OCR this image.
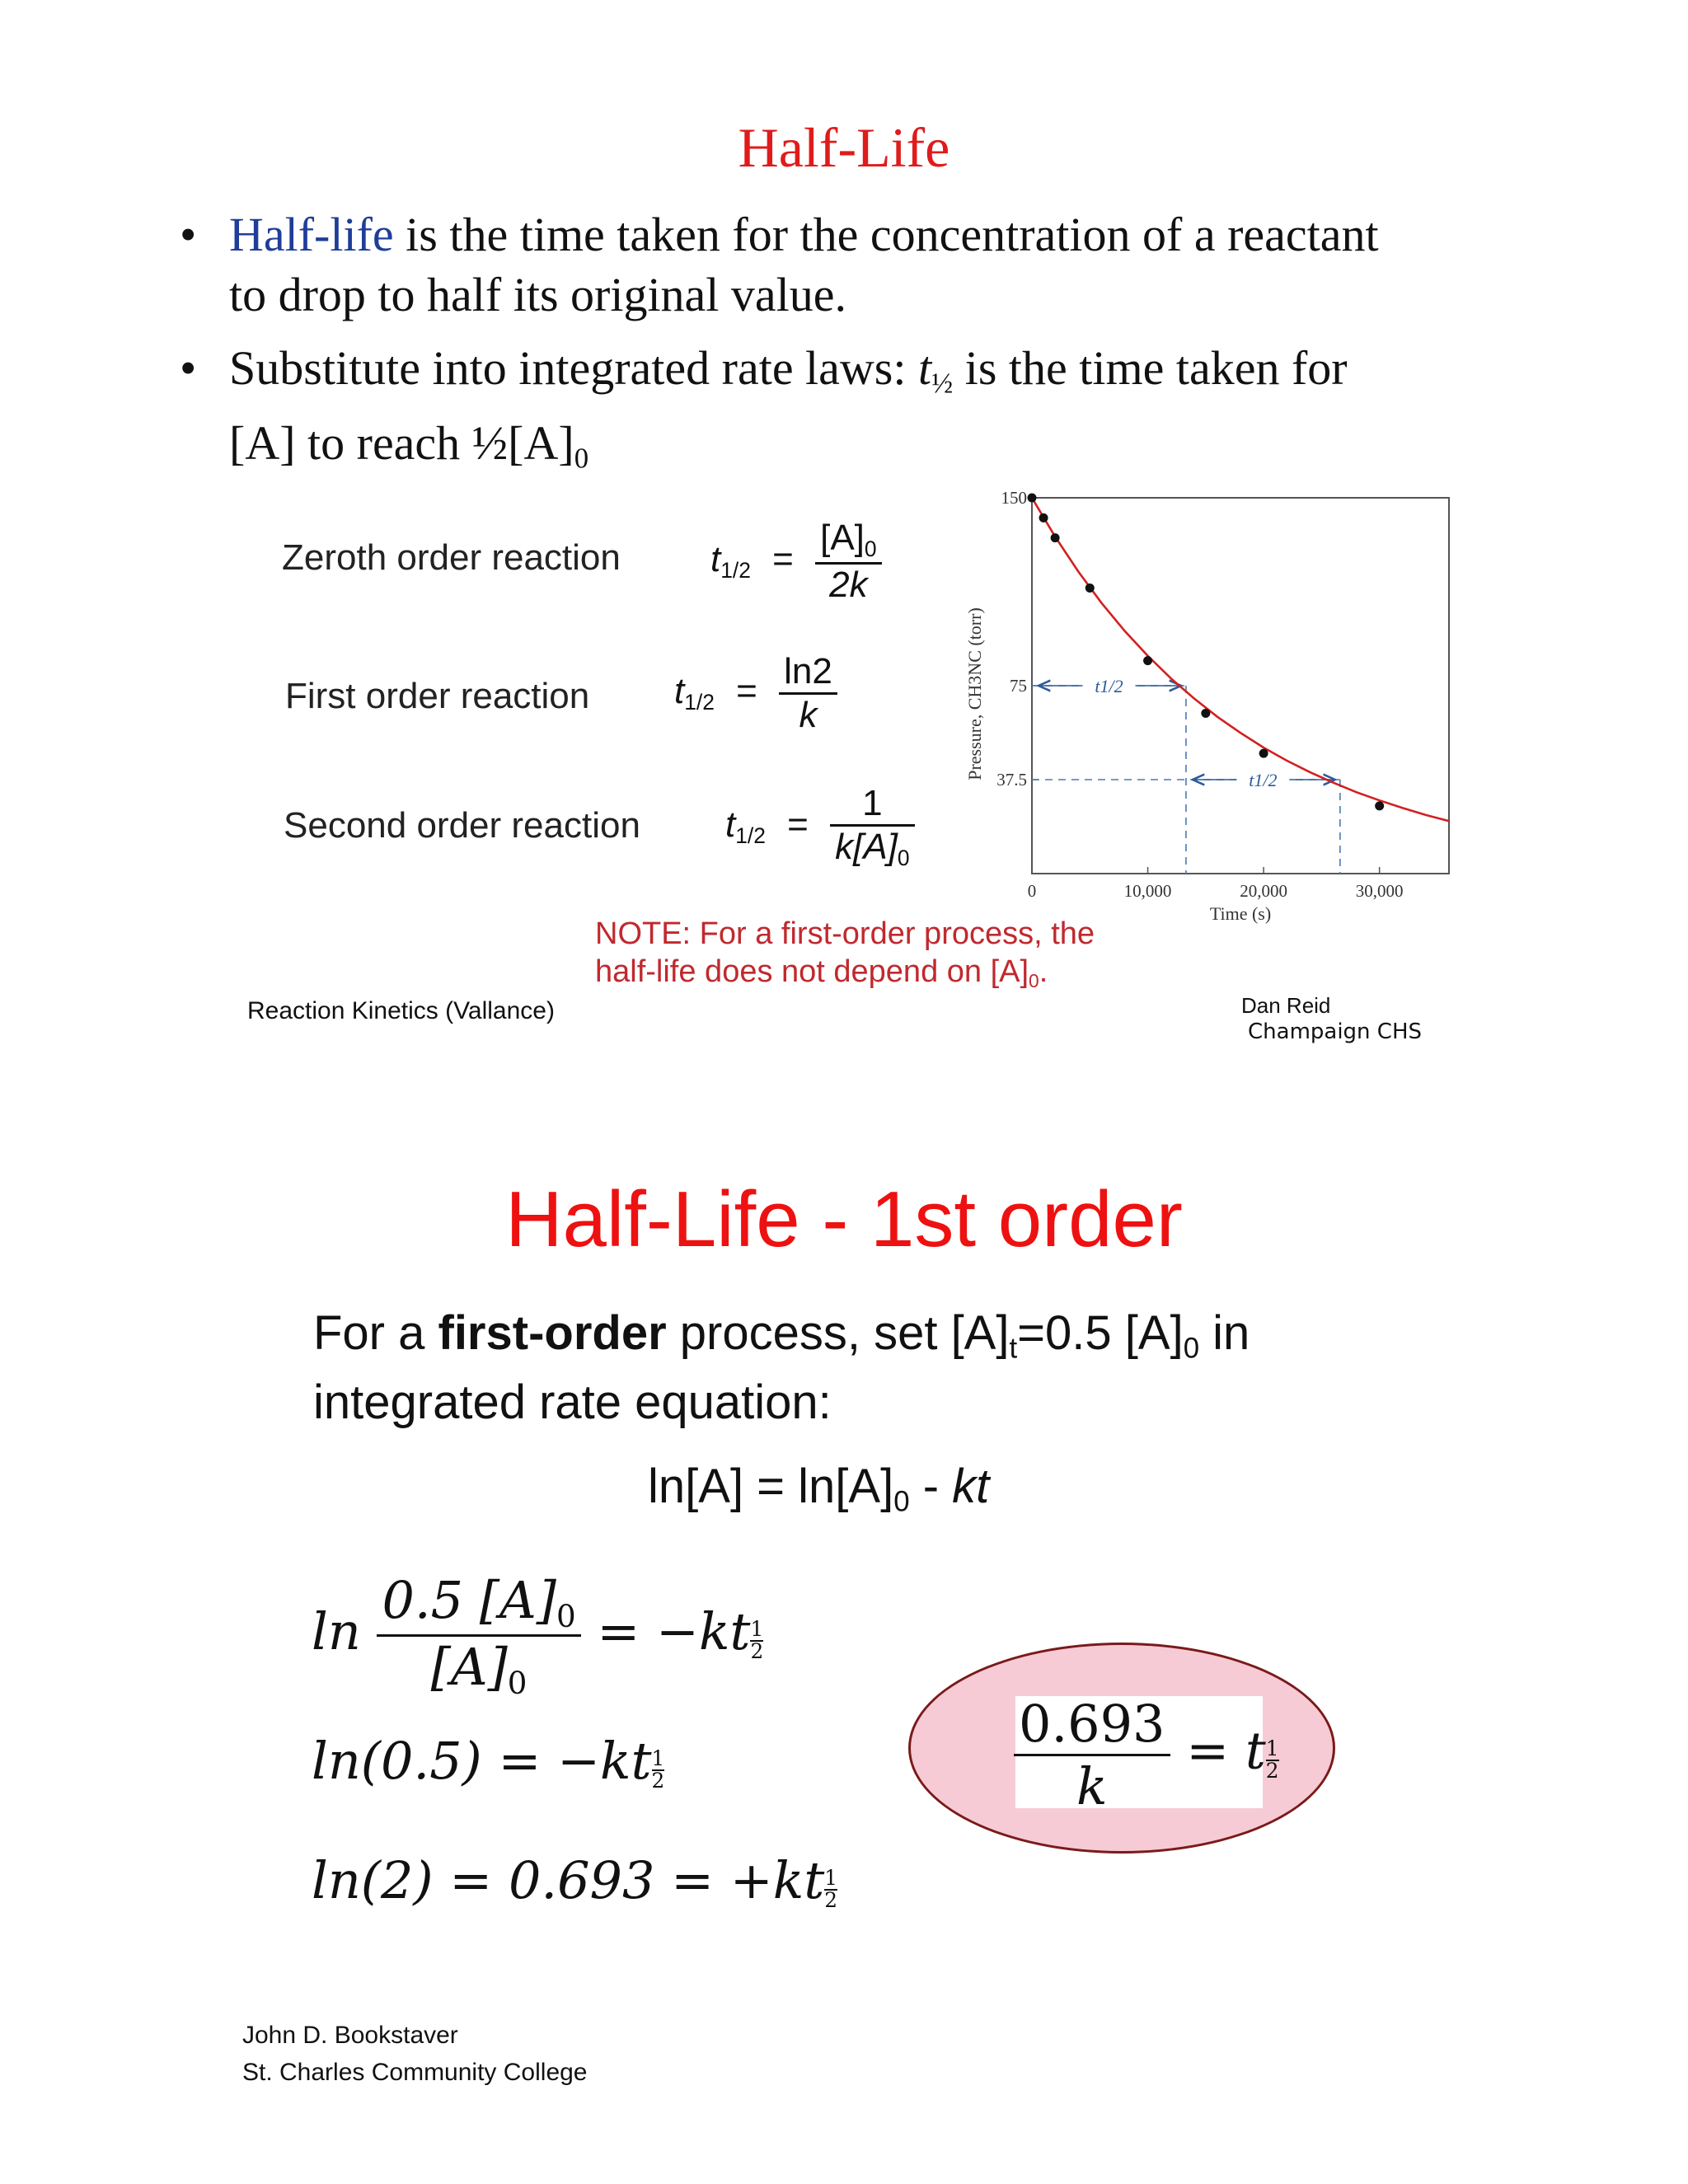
Half-Life
• Half-life is the time taken for the concentration of a reactant to drop to half its original value.
• Substitute into integrated rate laws: $t_{\frac{1}{2}}$ is the time taken for [A] to reach $\frac{1}{2}[A]_0$
Zeroth order reaction $t_{1/2} = \frac{[A]_0}{2k}$
First order reaction $t_{1/2} = \frac{\ln 2}{k}$
Second order reaction $t_{1/2} = \frac{1}{k[A]_0}$
0	10,000	20,000	30,000
37.5
75
150
Time (s)
Pressure, CH3NC (torr)	t1/2
t1/2
NOTE: For a first-order process, the
half-life does not depend on $[A]_0$.
Reaction Kinetics (Vallance)	Dan Reid
Champaign CHS
Half-Life - 1st order
For a first-order process, set $[A]_t=0.5$ $[A]_0$ in integrated rate equation:
$\ln[A] = \ln[A]_0$ - kt
$\ln \frac{0.5 [A]_0}{[A]_0} = -kt \frac{1}{2}$
$\ln(0.5) = -kt \frac{1}{2}$
$\ln(2) = 0.693 = +kt \frac{1}{2}$
$\frac{0.693}{k} = t \frac{1}{2}$
John D. Bookstaver
St. Charles Community College
